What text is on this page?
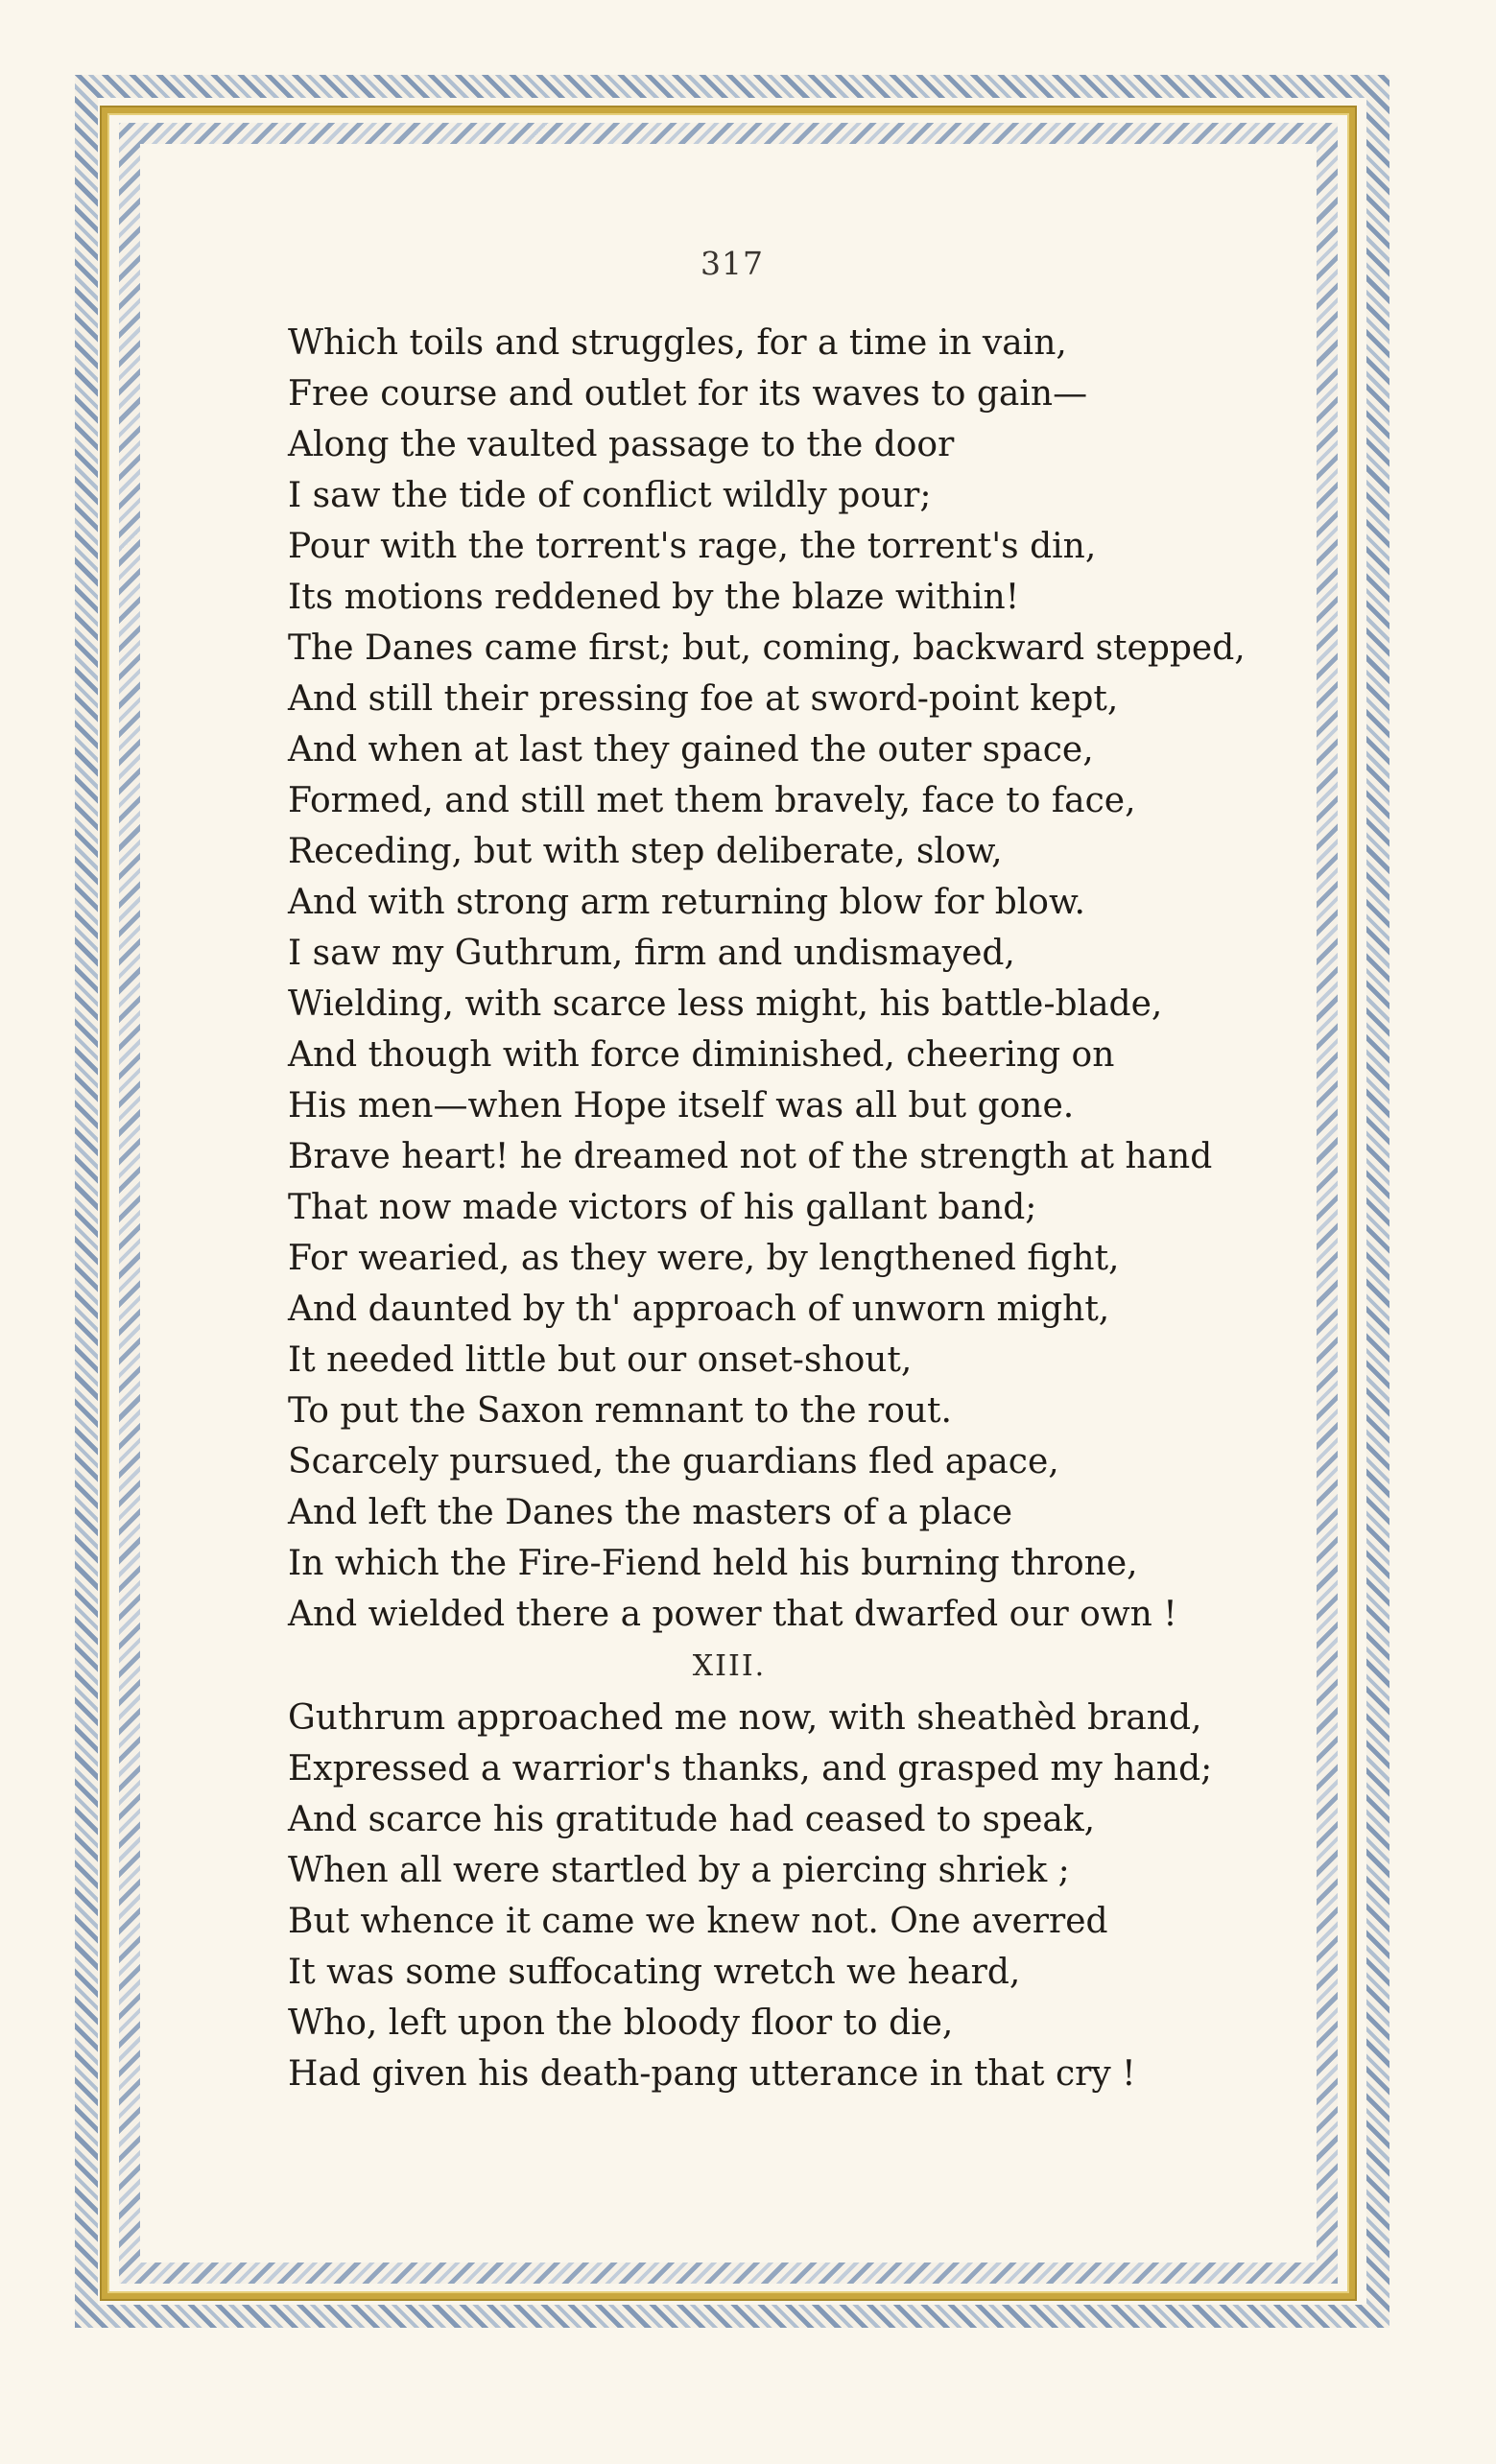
317
Which toils and struggles, for a time in vain,
Free course and outlet for its waves to gain—
Along the vaulted passage to the door
I saw the tide of conflict wildly pour;
Pour with the torrent's rage, the torrent's din,
Its motions reddened by the blaze within!
The Danes came first; but, coming, backward stepped,
And still their pressing foe at sword-point kept,
And when at last they gained the outer space,
Formed, and still met them bravely, face to face,
Receding, but with step deliberate, slow,
And with strong arm returning blow for blow.
I saw my Guthrum, firm and undismayed,
Wielding, with scarce less might, his battle-blade,
And though with force diminished, cheering on
His men—when Hope itself was all but gone.
Brave heart! he dreamed not of the strength at hand
That now made victors of his gallant band;
For wearied, as they were, by lengthened fight,
And daunted by th' approach of unworn might,
It needed little but our onset-shout,
To put the Saxon remnant to the rout.
Scarcely pursued, the guardians fled apace,
And left the Danes the masters of a place
In which the Fire-Fiend held his burning throne,
And wielded there a power that dwarfed our own !
XIII.
Guthrum approached me now, with sheathèd brand,
Expressed a warrior's thanks, and grasped my hand;
And scarce his gratitude had ceased to speak,
When all were startled by a piercing shriek ;
But whence it came we knew not. One averred
It was some suffocating wretch we heard,
Who, left upon the bloody floor to die,
Had given his death-pang utterance in that cry !
